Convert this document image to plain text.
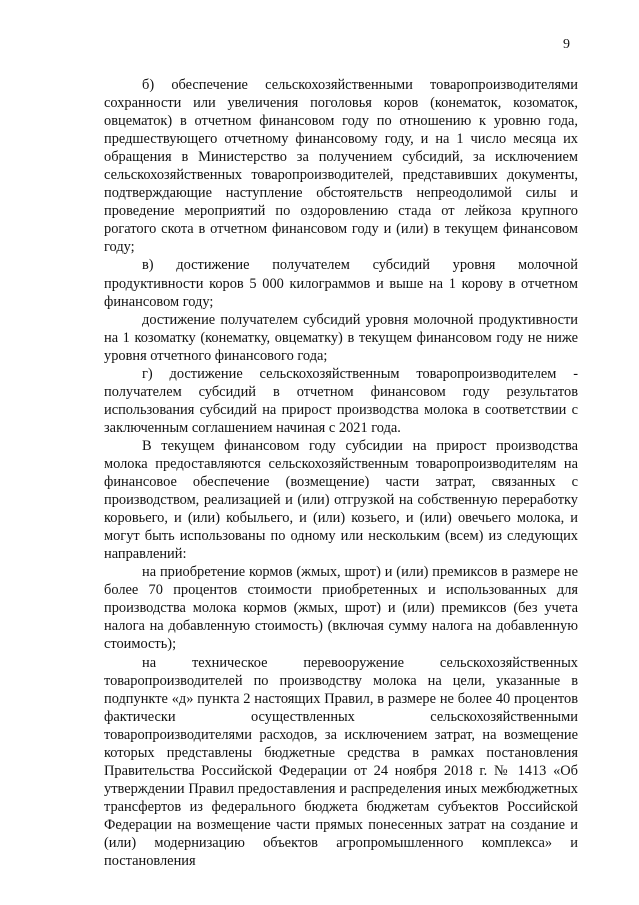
9

б) обеспечение сельскохозяйственными товаропроизводителями сохранности или увеличения поголовья коров (конематок, козоматок, овцематок) в отчетном финансовом году по отношению к уровню года, предшествующего отчетному финансовому году, и на 1 число месяца их обращения в Министерство за получением субсидий, за исключением сельскохозяйственных товаропроизводителей, представивших документы, подтверждающие наступление обстоятельств непреодолимой силы и проведение мероприятий по оздоровлению стада от лейкоза крупного рогатого скота в отчетном финансовом году и (или) в текущем финансовом году;

в) достижение получателем субсидий уровня молочной продуктивности коров 5 000 килограммов и выше на 1 корову в отчетном финансовом году;

достижение получателем субсидий уровня молочной продуктивности на 1 козоматку (конематку, овцематку) в текущем финансовом году не ниже уровня отчетного финансового года;

г) достижение сельскохозяйственным товаропроизводителем - получателем субсидий в отчетном финансовом году результатов использования субсидий на прирост производства молока в соответствии с заключенным соглашением начиная с 2021 года.

В текущем финансовом году субсидии на прирост производства молока предоставляются сельскохозяйственным товаропроизводителям на финансовое обеспечение (возмещение) части затрат, связанных с производством, реализацией и (или) отгрузкой на собственную переработку коровьего, и (или) кобыльего, и (или) козьего, и (или) овечьего молока, и могут быть использованы по одному или нескольким (всем) из следующих направлений:

на приобретение кормов (жмых, шрот) и (или) премиксов в размере не более 70 процентов стоимости приобретенных и использованных для производства молока кормов (жмых, шрот) и (или) премиксов (без учета налога на добавленную стоимость) (включая сумму налога на добавленную стоимость);

на техническое перевооружение сельскохозяйственных товаропроизводителей по производству молока на цели, указанные в подпункте «д» пункта 2 настоящих Правил, в размере не более 40 процентов фактически осуществленных сельскохозяйственными товаропроизводителями расходов, за исключением затрат, на возмещение которых представлены бюджетные средства в рамках постановления Правительства Российской Федерации от 24 ноября 2018 г. № 1413 «Об утверждении Правил предоставления и распределения иных межбюджетных трансфертов из федерального бюджета бюджетам субъектов Российской Федерации на возмещение части прямых понесенных затрат на создание и (или) модернизацию объектов агропромышленного комплекса» и постановления
